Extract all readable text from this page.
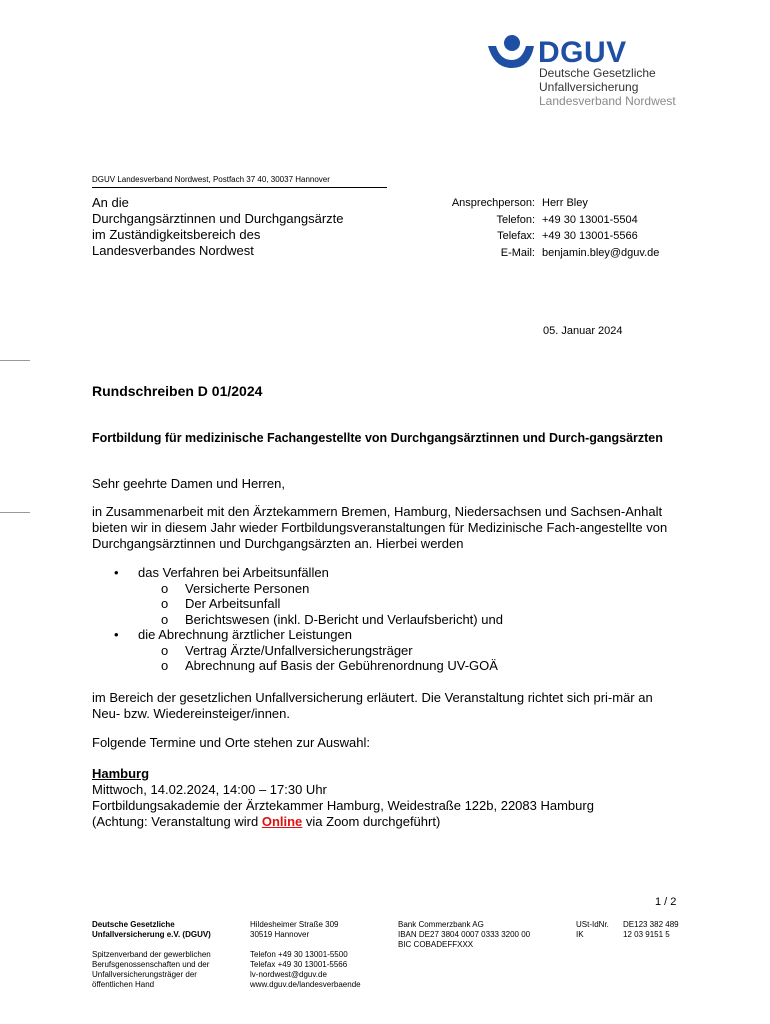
DGUV
Deutsche Gesetzliche
Unfallversicherung
Landesverband Nordwest
DGUV Landesverband Nordwest, Postfach 37 40, 30037 Hannover
An die
Durchgangsärztinnen und Durchgangsärzte
im Zuständigkeitsbereich des
Landesverbandes Nordwest
Ansprechperson: Herr Bley
Telefon: +49 30 13001-5504
Telefax: +49 30 13001-5566
E-Mail: benjamin.bley@dguv.de
05. Januar 2024
Rundschreiben D 01/2024
Fortbildung für medizinische Fachangestellte von Durchgangsärztinnen und Durch-gangsärzten
Sehr geehrte Damen und Herren,
in Zusammenarbeit mit den Ärztekammern Bremen, Hamburg, Niedersachsen und Sachsen-Anhalt bieten wir in diesem Jahr wieder Fortbildungsveranstaltungen für Medizinische Fach-angestellte von Durchgangsärztinnen und Durchgangsärzten an. Hierbei werden
• das Verfahren bei Arbeitsunfällen
o Versicherte Personen
o Der Arbeitsunfall
o Berichtswesen (inkl. D-Bericht und Verlaufsbericht) und
• die Abrechnung ärztlicher Leistungen
o Vertrag Ärzte/Unfallversicherungsträger
o Abrechnung auf Basis der Gebührenordnung UV-GOÄ
im Bereich der gesetzlichen Unfallversicherung erläutert. Die Veranstaltung richtet sich pri-mär an Neu- bzw. Wiedereinsteiger/innen.
Folgende Termine und Orte stehen zur Auswahl:
Hamburg
Mittwoch, 14.02.2024, 14:00 – 17:30 Uhr
Fortbildungsakademie der Ärztekammer Hamburg, Weidestraße 122b, 22083 Hamburg
(Achtung: Veranstaltung wird Online via Zoom durchgeführt)
1 / 2
Deutsche Gesetzliche
Unfallversicherung e.V. (DGUV)
Spitzenverband der gewerblichen
Berufsgenossenschaften und der
Unfallversicherungsträger der
öffentlichen Hand
Hildesheimer Straße 309
30519 Hannover
Telefon +49 30 13001-5500
Telefax +49 30 13001-5566
lv-nordwest@dguv.de
www.dguv.de/landesverbaende
Bank Commerzbank AG
IBAN DE27 3804 0007 0333 3200 00
BIC COBADEFFXXX
USt-IdNr.
IK
DE123 382 489
12 03 9151 5
